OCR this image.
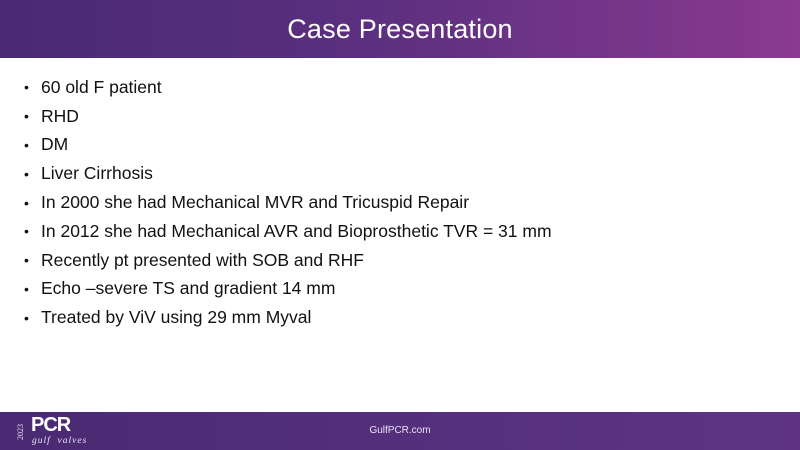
Case Presentation
• 60 old F patient
• RHD
• DM
• Liver Cirrhosis
• In 2000 she had Mechanical MVR and Tricuspid Repair
• In 2012 she had Mechanical AVR and Bioprosthetic TVR = 31 mm
• Recently pt presented with SOB and RHF
• Echo –severe TS and gradient 14 mm
• Treated by ViV using 29 mm Myval
GulfPCR.com
2023 PCR
gulf  valves
